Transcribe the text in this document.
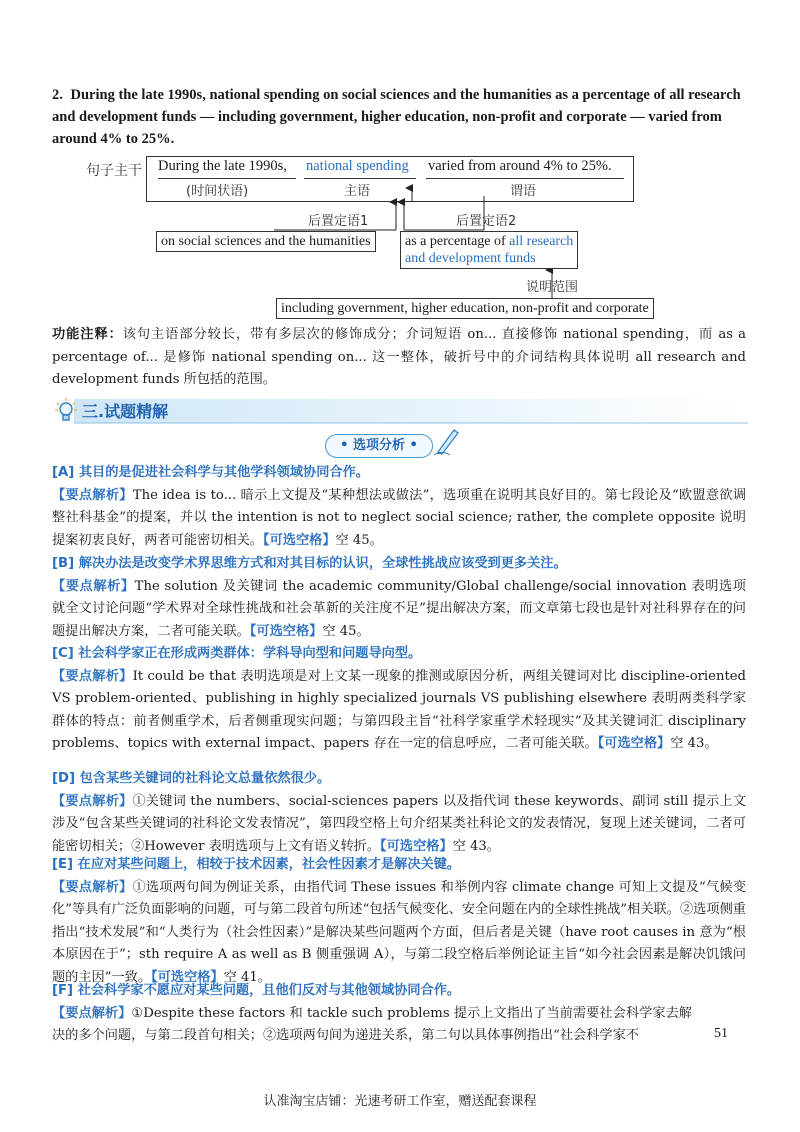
2. During the late 1990s, national spending on social sciences and the humanities as a percentage of all research and development funds — including government, higher education, non-profit and corporate — varied from around 4% to 25%.
句子主干 During the late 1990s, national spending varied from around 4% to 25%.
(时间状语)	主语	谓语
后置定语1	后置定语2
on social sciences and the humanities	as a percentage of all research
and development funds
说明范围
including government, higher education, non-profit and corporate
功能注释：该句主语部分较长，带有多层次的修饰成分；介词短语 on... 直接修饰 national spending，而 as a percentage of... 是修饰 national spending on... 这一整体，破折号中的介词结构具体说明 all research and development funds 所包括的范围。
三.试题精解
• 选项分析 •
[A] 其目的是促进社会科学与其他学科领域协同合作。
【要点解析】The idea is to... 暗示上文提及“某种想法或做法”，选项重在说明其良好目的。第七段论及“欧盟意欲调整社科基金”的提案，并以 the intention is not to neglect social science; rather, the complete opposite 说明提案初衷良好，两者可能密切相关。【可选空格】空 45。
[B] 解决办法是改变学术界思维方式和对其目标的认识，全球性挑战应该受到更多关注。
【要点解析】The solution 及关键词 the academic community/Global challenge/social innovation 表明选项就全文讨论问题“学术界对全球性挑战和社会革新的关注度不足”提出解决方案，而文章第七段也是针对社科界存在的问题提出解决方案，二者可能关联。【可选空格】空 45。
[C] 社会科学家正在形成两类群体：学科导向型和问题导向型。
【要点解析】It could be that 表明选项是对上文某一现象的推测或原因分析，两组关键词对比 discipline-oriented VS problem-oriented、publishing in highly specialized journals VS publishing elsewhere 表明两类科学家群体的特点：前者侧重学术，后者侧重现实问题；与第四段主旨“社科学家重学术轻现实”及其关键词汇 disciplinary problems、topics with external impact、papers 存在一定的信息呼应，二者可能关联。【可选空格】空 43。
[D] 包含某些关键词的社科论文总量依然很少。
【要点解析】①关键词 the numbers、social-sciences papers 以及指代词 these keywords、副词 still 提示上文涉及“包含某些关键词的社科论文发表情况”，第四段空格上句介绍某类社科论文的发表情况，复现上述关键词，二者可能密切相关；②However 表明选项与上文有语义转折。【可选空格】空 43。
[E] 在应对某些问题上，相较于技术因素，社会性因素才是解决关键。
【要点解析】①选项两句间为例证关系，由指代词 These issues 和举例内容 climate change 可知上文提及“气候变化”等具有广泛负面影响的问题，可与第二段首句所述“包括气候变化、安全问题在内的全球性挑战”相关联。②选项侧重指出“技术发展”和“人类行为（社会性因素）”是解决某些问题两个方面，但后者是关键（have root causes in 意为“根本原因在于”；sth require A as well as B 侧重强调 A），与第二段空格后举例论证主旨“如今社会因素是解决饥饿问题的主因”一致。【可选空格】空 41。
[F] 社会科学家不愿应对某些问题，且他们反对与其他领域协同合作。
【要点解析】①Despite these factors 和 tackle such problems 提示上文指出了当前需要社会科学家去解决的多个问题，与第二段首句相关；②选项两句间为递进关系，第二句以具体事例指出“社会科学家不	51
认准淘宝店铺：光速考研工作室，赠送配套课程
